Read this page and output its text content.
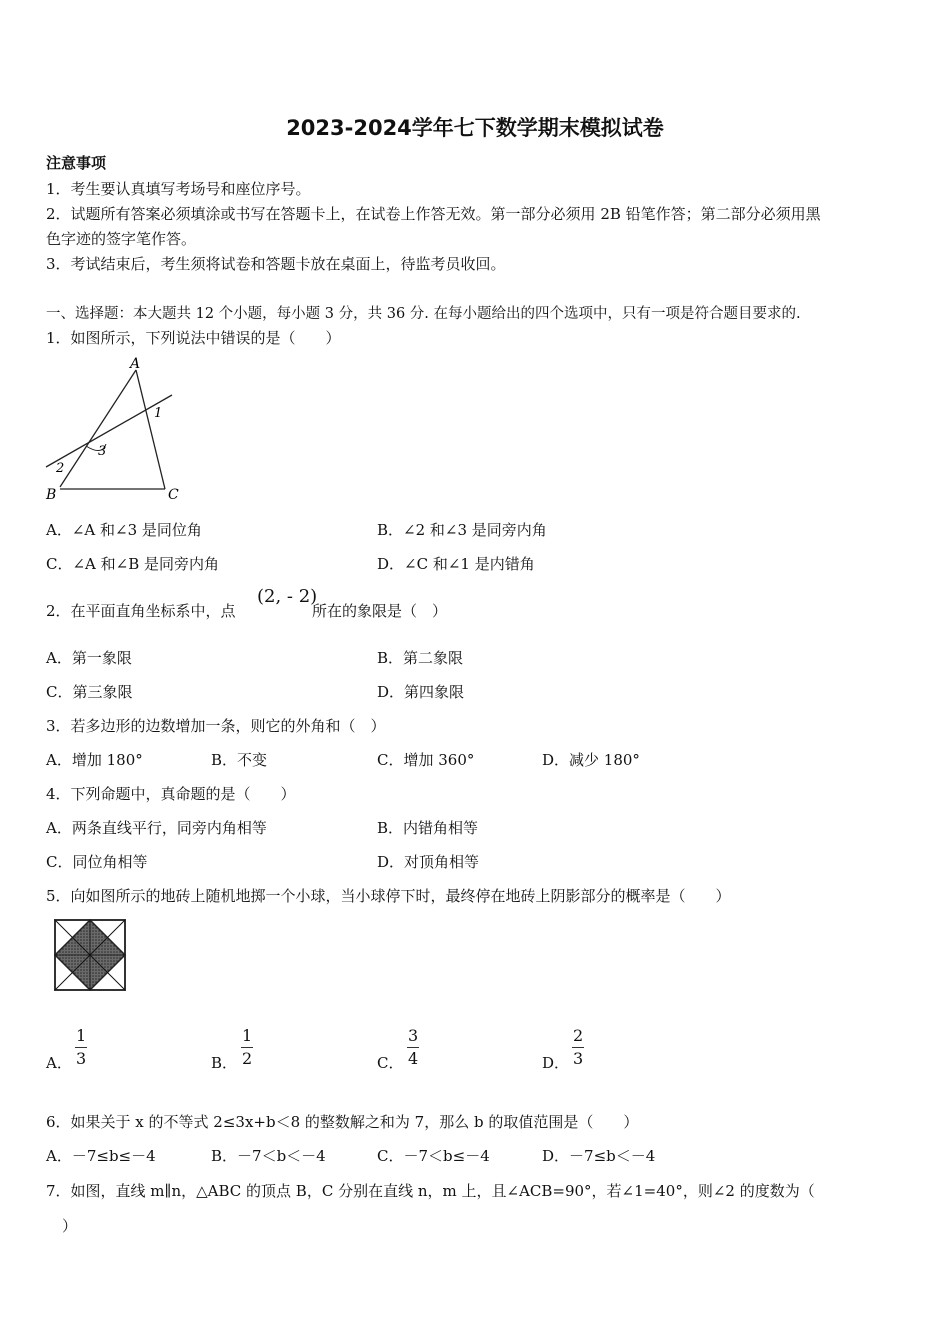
2023-2024学年七下数学期末模拟试卷
注意事项
1．考生要认真填写考场号和座位序号。
2．试题所有答案必须填涂或书写在答题卡上，在试卷上作答无效。第一部分必须用 2B 铅笔作答；第二部分必须用黑
色字迹的签字笔作答。
3．考试结束后，考生须将试卷和答题卡放在桌面上，待监考员收回。
一、选择题：本大题共 12 个小题，每小题 3 分，共 36 分. 在每小题给出的四个选项中，只有一项是符合题目要求的.
1．如图所示，下列说法中错误的是（　　）
A
B	C
1
2
3
A．∠A 和∠3 是同位角	B．∠2 和∠3 是同旁内角
C．∠A 和∠B 是同旁内角	D．∠C 和∠1 是内错角
2．在平面直角坐标系中，点
(2, - 2)
所在的象限是（　）
A．第一象限	B．第二象限
C．第三象限	D．第四象限
3．若多边形的边数增加一条，则它的外角和（　）
A．增加 180°	B．不变	C．增加 360°	D．减少 180°
4．下列命题中，真命题的是（　　）
A．两条直线平行，同旁内角相等	B．内错角相等
C．同位角相等	D．对顶角相等
5．向如图所示的地砖上随机地掷一个小球，当小球停下时，最终停在地砖上阴影部分的概率是（　　）
A．
1
3	B．
1
2	C．
3
4	D．
2
3
6．如果关于 x 的不等式 2≤3x+b＜8 的整数解之和为 7，那么 b 的取值范围是（　　）
A．－7≤b≤－4	B．－7＜b＜－4	C．－7＜b≤－4	D．－7≤b＜－4
7．如图，直线 m∥n，△ABC 的顶点 B，C 分别在直线 n，m 上，且∠ACB=90°，若∠1=40°，则∠2 的度数为（
）
